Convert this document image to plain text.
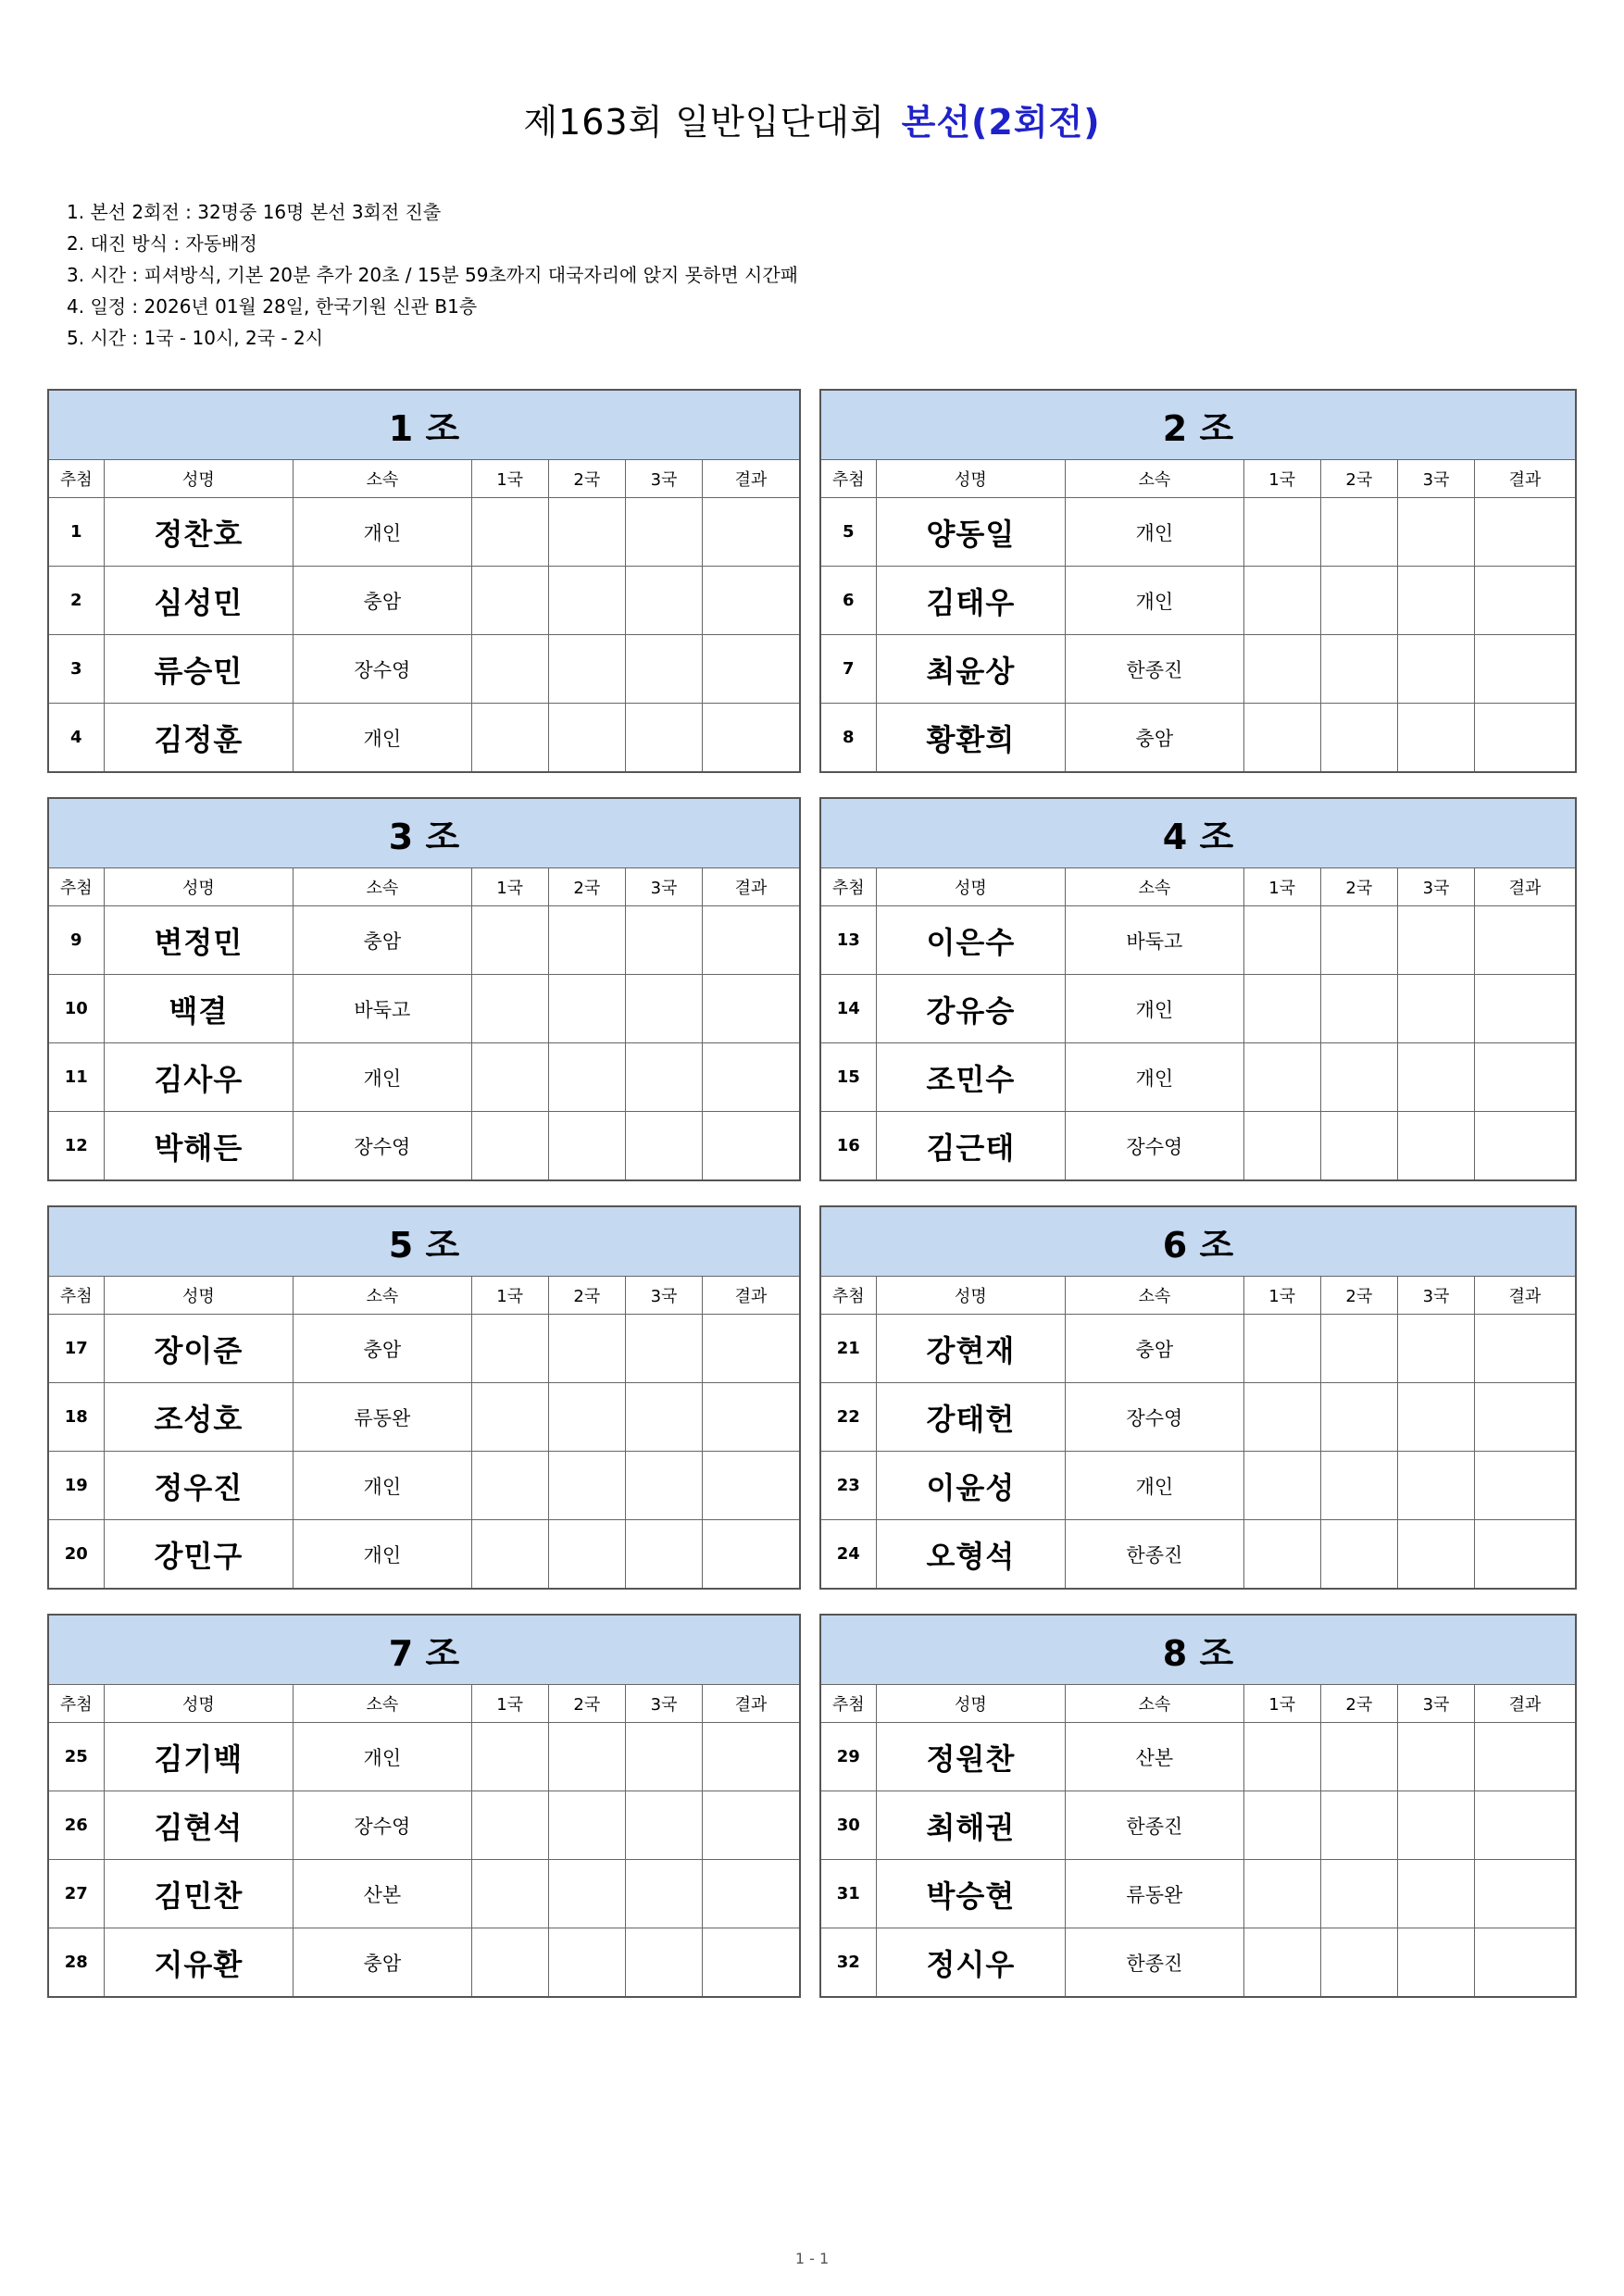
제163회 일반입단대회 본선(2회전)
1. 본선 2회전 : 32명중 16명 본선 3회전 진출
2. 대진 방식 : 자동배정
3. 시간 : 피셔방식, 기본 20분 추가 20초 / 15분 59초까지 대국자리에 앉지 못하면 시간패
4. 일정 : 2026년 01월 28일, 한국기원 신관 B1층
5. 시간 : 1국 - 10시, 2국 - 2시
1 조						
추첨	성명	소속	1국	2국	3국	결과
1	정찬호	개인				
2	심성민	충암				
3	류승민	장수영				
4	김정훈	개인				
2 조						
추첨	성명	소속	1국	2국	3국	결과
5	양동일	개인				
6	김태우	개인				
7	최윤상	한종진				
8	황환희	충암				
3 조						
추첨	성명	소속	1국	2국	3국	결과
9	변정민	충암				
10	백결	바둑고				
11	김사우	개인				
12	박해든	장수영				
4 조						
추첨	성명	소속	1국	2국	3국	결과
13	이은수	바둑고				
14	강유승	개인				
15	조민수	개인				
16	김근태	장수영				
5 조						
추첨	성명	소속	1국	2국	3국	결과
17	장이준	충암				
18	조성호	류동완				
19	정우진	개인				
20	강민구	개인				
6 조						
추첨	성명	소속	1국	2국	3국	결과
21	강현재	충암				
22	강태헌	장수영				
23	이윤성	개인				
24	오형석	한종진				
7 조						
추첨	성명	소속	1국	2국	3국	결과
25	김기백	개인				
26	김현석	장수영				
27	김민찬	산본				
28	지유환	충암				
8 조						
추첨	성명	소속	1국	2국	3국	결과
29	정원찬	산본				
30	최해권	한종진				
31	박승현	류동완				
32	정시우	한종진				
1 - 1
